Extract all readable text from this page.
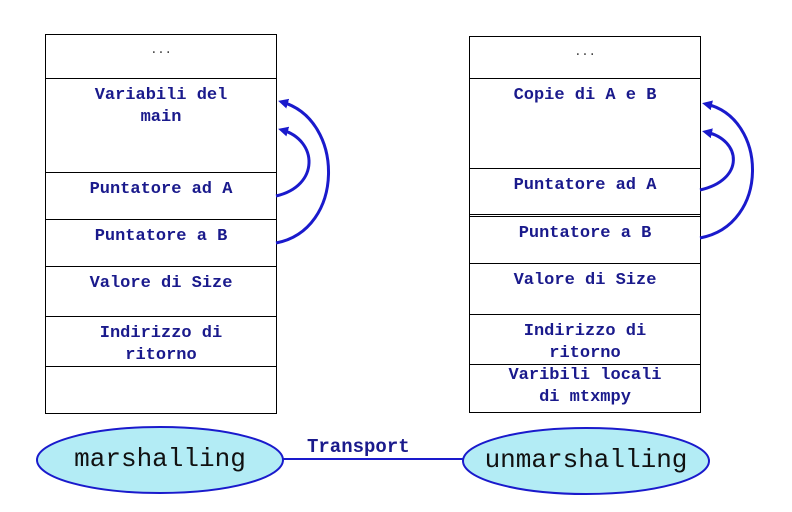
...
Variabili del
main
Puntatore ad A
Puntatore a B
Valore di Size
Indirizzo di
ritorno
...
Copie di A e B
Puntatore ad A
Puntatore a B
Valore di Size
Indirizzo di
ritorno
Varibili locali
di mtxmpy
marshalling	unmarshalling
Transport
